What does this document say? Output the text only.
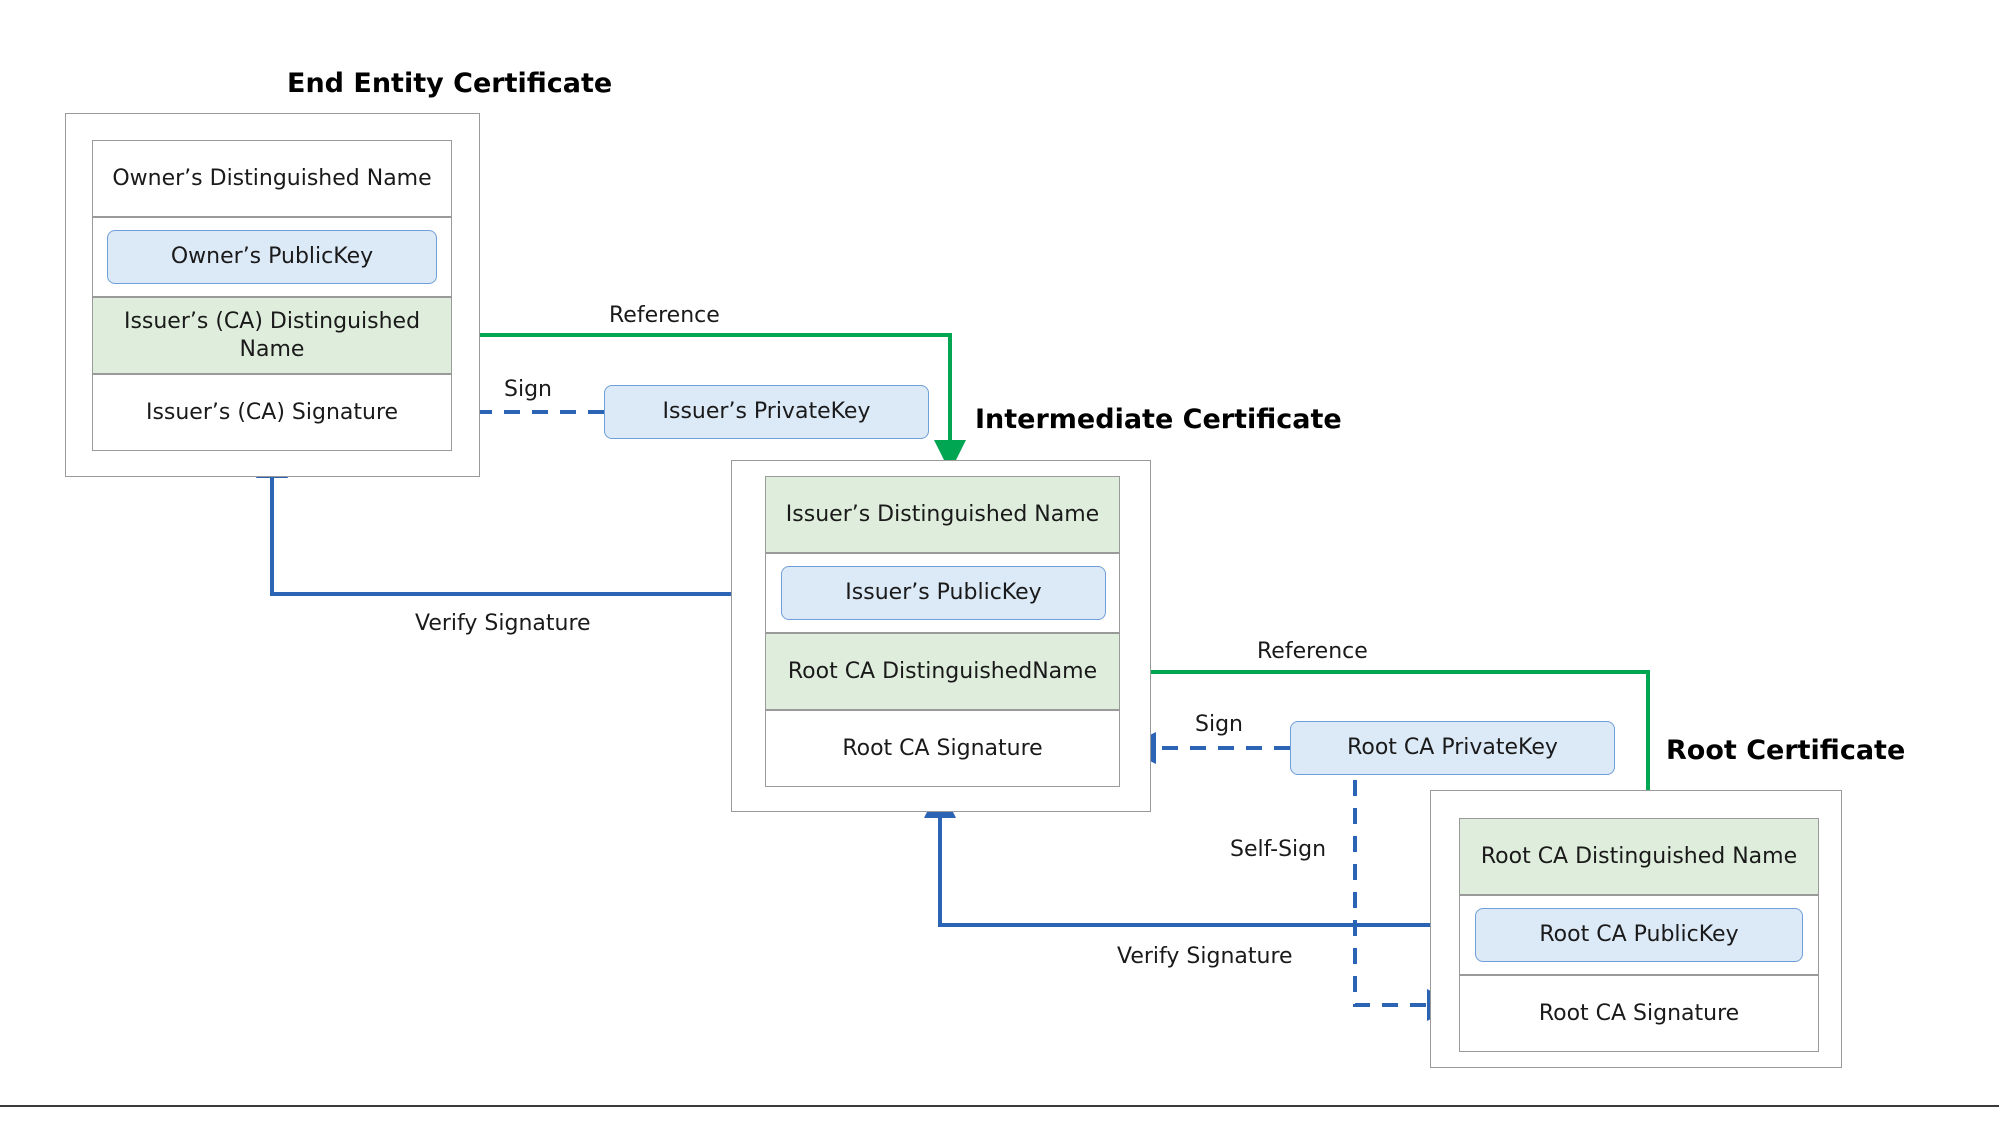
End Entity Certificate
Owner’s Distinguished Name
Owner’s PublicKey
Issuer’s (CA) Distinguished Name
Issuer’s (CA) Signature	Issuer’s PrivateKey	Intermediate Certificate
Issuer’s Distinguished Name
Issuer’s PublicKey
Root CA DistinguishedName
Root CA Signature	Root CA PrivateKey	Root Certificate
Root CA Distinguished Name
Root CA PublicKey
Root CA Signature
Reference
Sign
Verify Signature
Reference
Sign
Self-Sign
Verify Signature
